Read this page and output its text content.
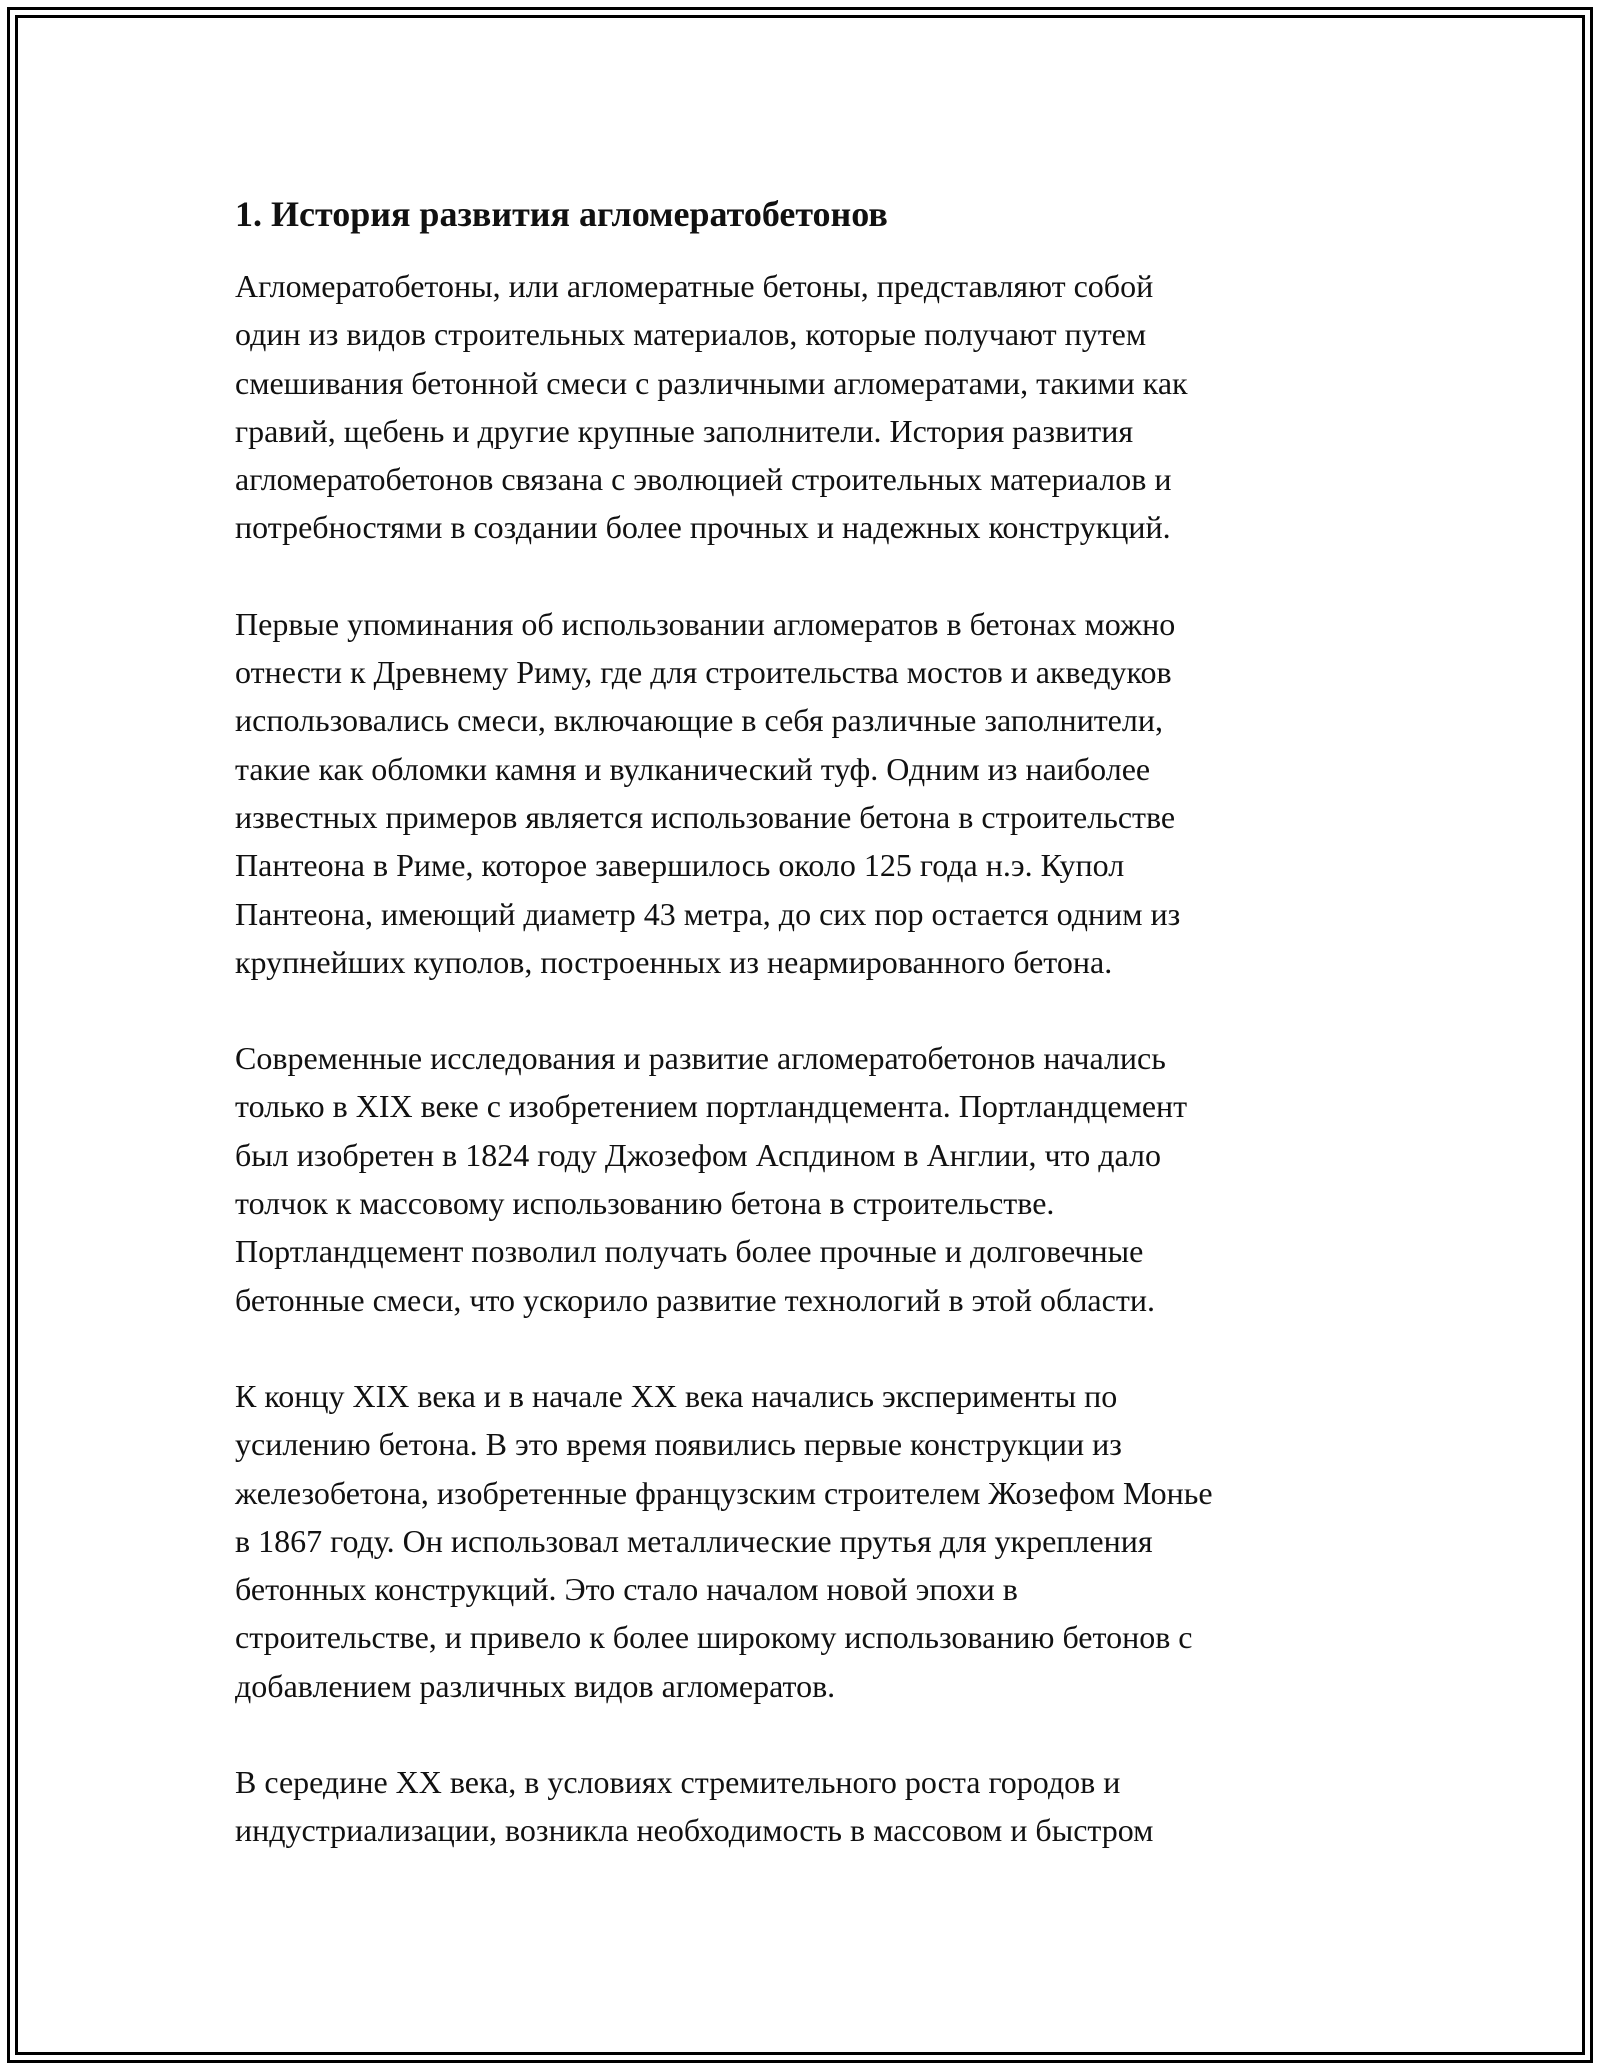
1. История развития агломератобетонов

Агломератобетоны, или агломератные бетоны, представляют собой
один из видов строительных материалов, которые получают путем
смешивания бетонной смеси с различными агломератами, такими как
гравий, щебень и другие крупные заполнители. История развития
агломератобетонов связана с эволюцией строительных материалов и
потребностями в создании более прочных и надежных конструкций.

Первые упоминания об использовании агломератов в бетонах можно
отнести к Древнему Риму, где для строительства мостов и акведуков
использовались смеси, включающие в себя различные заполнители,
такие как обломки камня и вулканический туф. Одним из наиболее
известных примеров является использование бетона в строительстве
Пантеона в Риме, которое завершилось около 125 года н.э. Купол
Пантеона, имеющий диаметр 43 метра, до сих пор остается одним из
крупнейших куполов, построенных из неармированного бетона.

Современные исследования и развитие агломератобетонов начались
только в XIX веке с изобретением портландцемента. Портландцемент
был изобретен в 1824 году Джозефом Аспдином в Англии, что дало
толчок к массовому использованию бетона в строительстве.
Портландцемент позволил получать более прочные и долговечные
бетонные смеси, что ускорило развитие технологий в этой области.

К концу XIX века и в начале XX века начались эксперименты по
усилению бетона. В это время появились первые конструкции из
железобетона, изобретенные французским строителем Жозефом Монье
в 1867 году. Он использовал металлические прутья для укрепления
бетонных конструкций. Это стало началом новой эпохи в
строительстве, и привело к более широкому использованию бетонов с
добавлением различных видов агломератов.

В середине XX века, в условиях стремительного роста городов и
индустриализации, возникла необходимость в массовом и быстром
